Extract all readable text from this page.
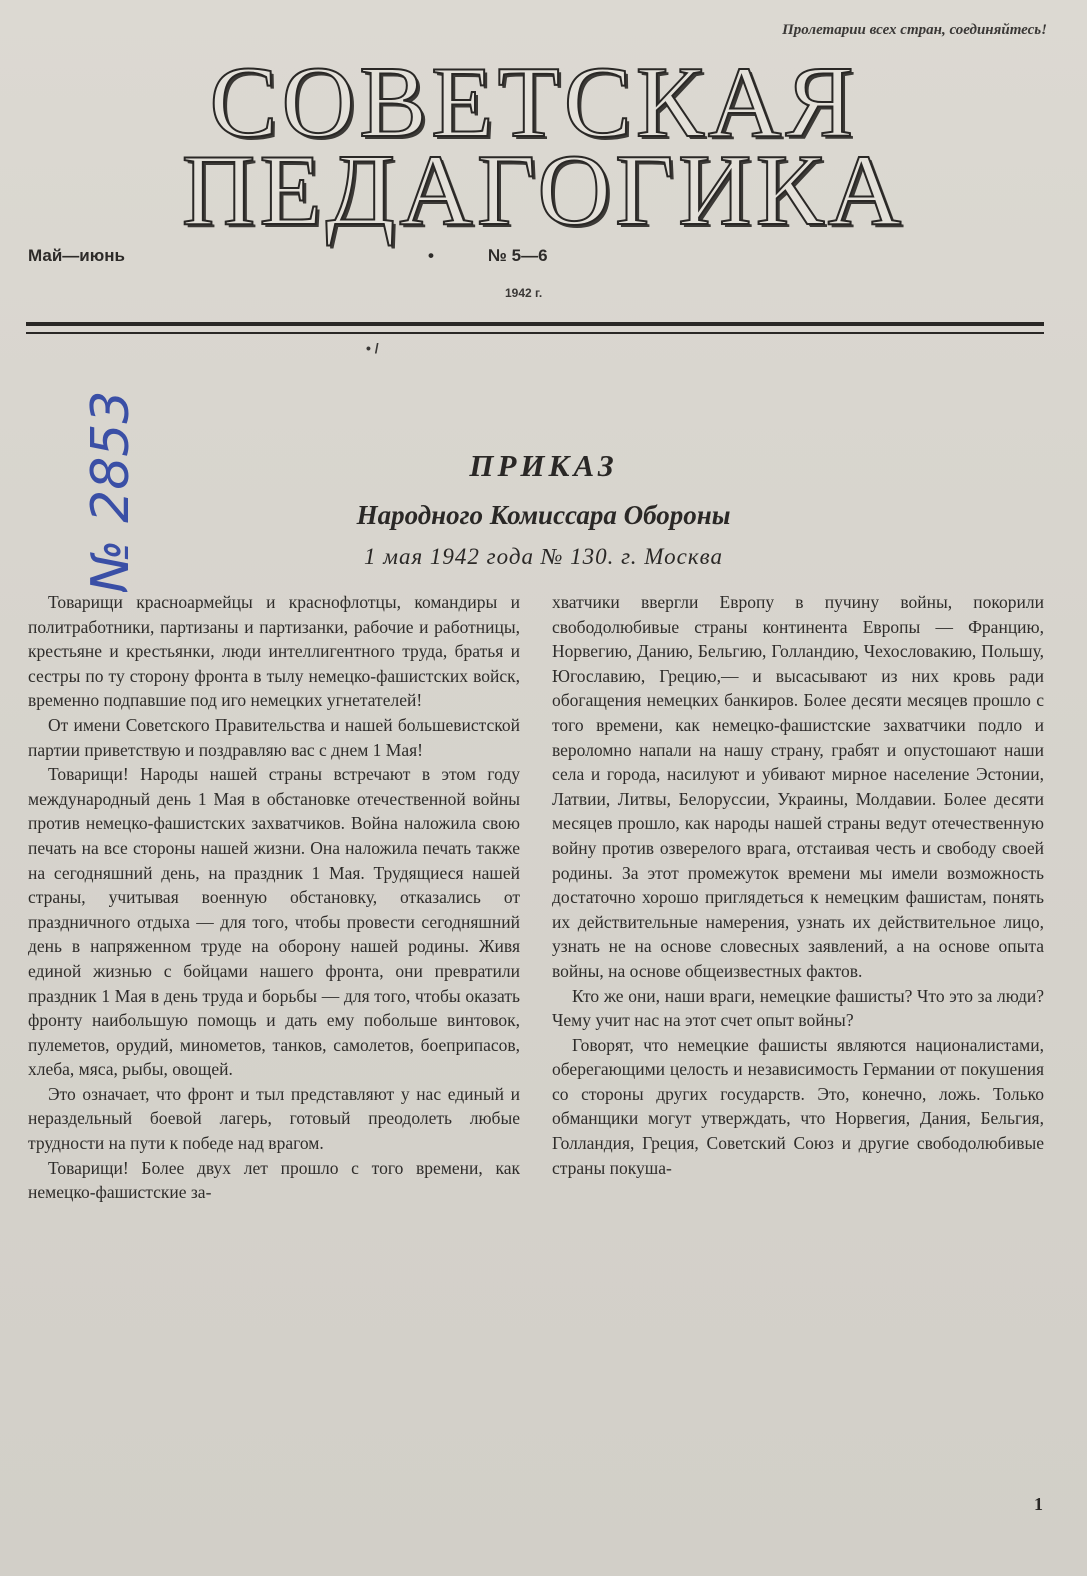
Пролетарии всех стран, соединяйтесь!
СОВЕТСКАЯ
ПЕДАГОГИКА
Май—июнь	•	№ 5—6
1942 г.
• /
№ 2853	ПРИКАЗ
Народного Комиссара Обороны
1 мая 1942 года № 130. г. Москва

Товарищи красноармейцы и краснофлотцы, командиры и политработники, партизаны и партизанки, рабочие и работницы, крестьяне и крестьянки, люди интеллигентного труда, братья и сестры по ту сторону фронта в тылу немецко-фашистских войск, временно подпавшие под иго немецких угнетателей!

От имени Советского Правительства и нашей большевистской партии приветствую и поздравляю вас с днем 1 Мая!

Товарищи! Народы нашей страны встречают в этом году международный день 1 Мая в обстановке отечественной войны против немецко-фашистских захватчиков. Война наложила свою печать на все стороны нашей жизни. Она наложила печать также на сегодняшний день, на праздник 1 Мая. Трудящиеся нашей страны, учитывая военную обстановку, отказались от праздничного отдыха — для того, чтобы провести сегодняшний день в напряженном труде на оборону нашей родины. Живя единой жизнью с бойцами нашего фронта, они превратили праздник 1 Мая в день труда и борьбы — для того, чтобы оказать фронту наибольшую помощь и дать ему побольше винтовок, пулеметов, орудий, минометов, танков, самолетов, боеприпасов, хлеба, мяса, рыбы, овощей.

Это означает, что фронт и тыл представляют у нас единый и нераздельный боевой лагерь, готовый преодолеть любые трудности на пути к победе над врагом.

Товарищи! Более двух лет прошло с того времени, как немецко-фашистские за-

хватчики ввергли Европу в пучину войны, покорили свободолюбивые страны континента Европы — Францию, Норвегию, Данию, Бельгию, Голландию, Чехословакию, Польшу, Югославию, Грецию,— и высасывают из них кровь ради обогащения немецких банкиров. Более десяти месяцев прошло с того времени, как немецко-фашистские захватчики подло и вероломно напали на нашу страну, грабят и опустошают наши села и города, насилуют и убивают мирное население Эстонии, Латвии, Литвы, Белоруссии, Украины, Молдавии. Более десяти месяцев прошло, как народы нашей страны ведут отечественную войну против озверелого врага, отстаивая честь и свободу своей родины. За этот промежуток времени мы имели возможность достаточно хорошо приглядеться к немецким фашистам, понять их действительные намерения, узнать их действительное лицо, узнать не на основе словесных заявлений, а на основе опыта войны, на основе общеизвестных фактов.

Кто же они, наши враги, немецкие фашисты? Что это за люди? Чему учит нас на этот счет опыт войны?

Говорят, что немецкие фашисты являются националистами, оберегающими целость и независимость Германии от покушения со стороны других государств. Это, конечно, ложь. Только обманщики могут утверждать, что Норвегия, Дания, Бельгия, Голландия, Греция, Советский Союз и другие свободолюбивые страны покуша-

1
